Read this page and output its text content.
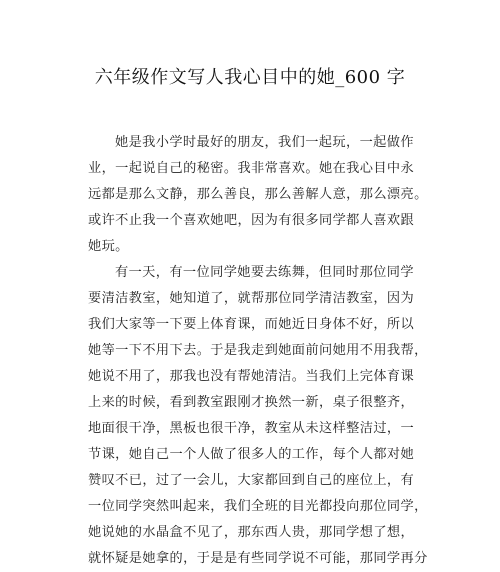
六年级作文写人我心目中的她_600 字
她是我小学时最好的朋友，我们一起玩，一起做作
业，一起说自己的秘密。我非常喜欢。她在我心目中永
远都是那么文静，那么善良，那么善解人意，那么漂亮。
或许不止我一个喜欢她吧，因为有很多同学都人喜欢跟
她玩。
有一天，有一位同学她要去练舞，但同时那位同学
要清洁教室，她知道了，就帮那位同学清洁教室，因为
我们大家等一下要上体育课，而她近日身体不好，所以
她等一下不用下去。于是我走到她面前问她用不用我帮，
她说不用了，那我也没有帮她清洁。当我们上完体育课
上来的时候，看到教室跟刚才换然一新，桌子很整齐，
地面很干净，黑板也很干净，教室从未这样整洁过，一
节课，她自己一个人做了很多人的工作，每个人都对她
赞叹不已，过了一会儿，大家都回到自己的座位上，有
一位同学突然叫起来，我们全班的目光都投向那位同学，
她说她的水晶盒不见了，那东西人贵，那同学想了想，
就怀疑是她拿的，于是是有些同学说不可能，那同学再分
